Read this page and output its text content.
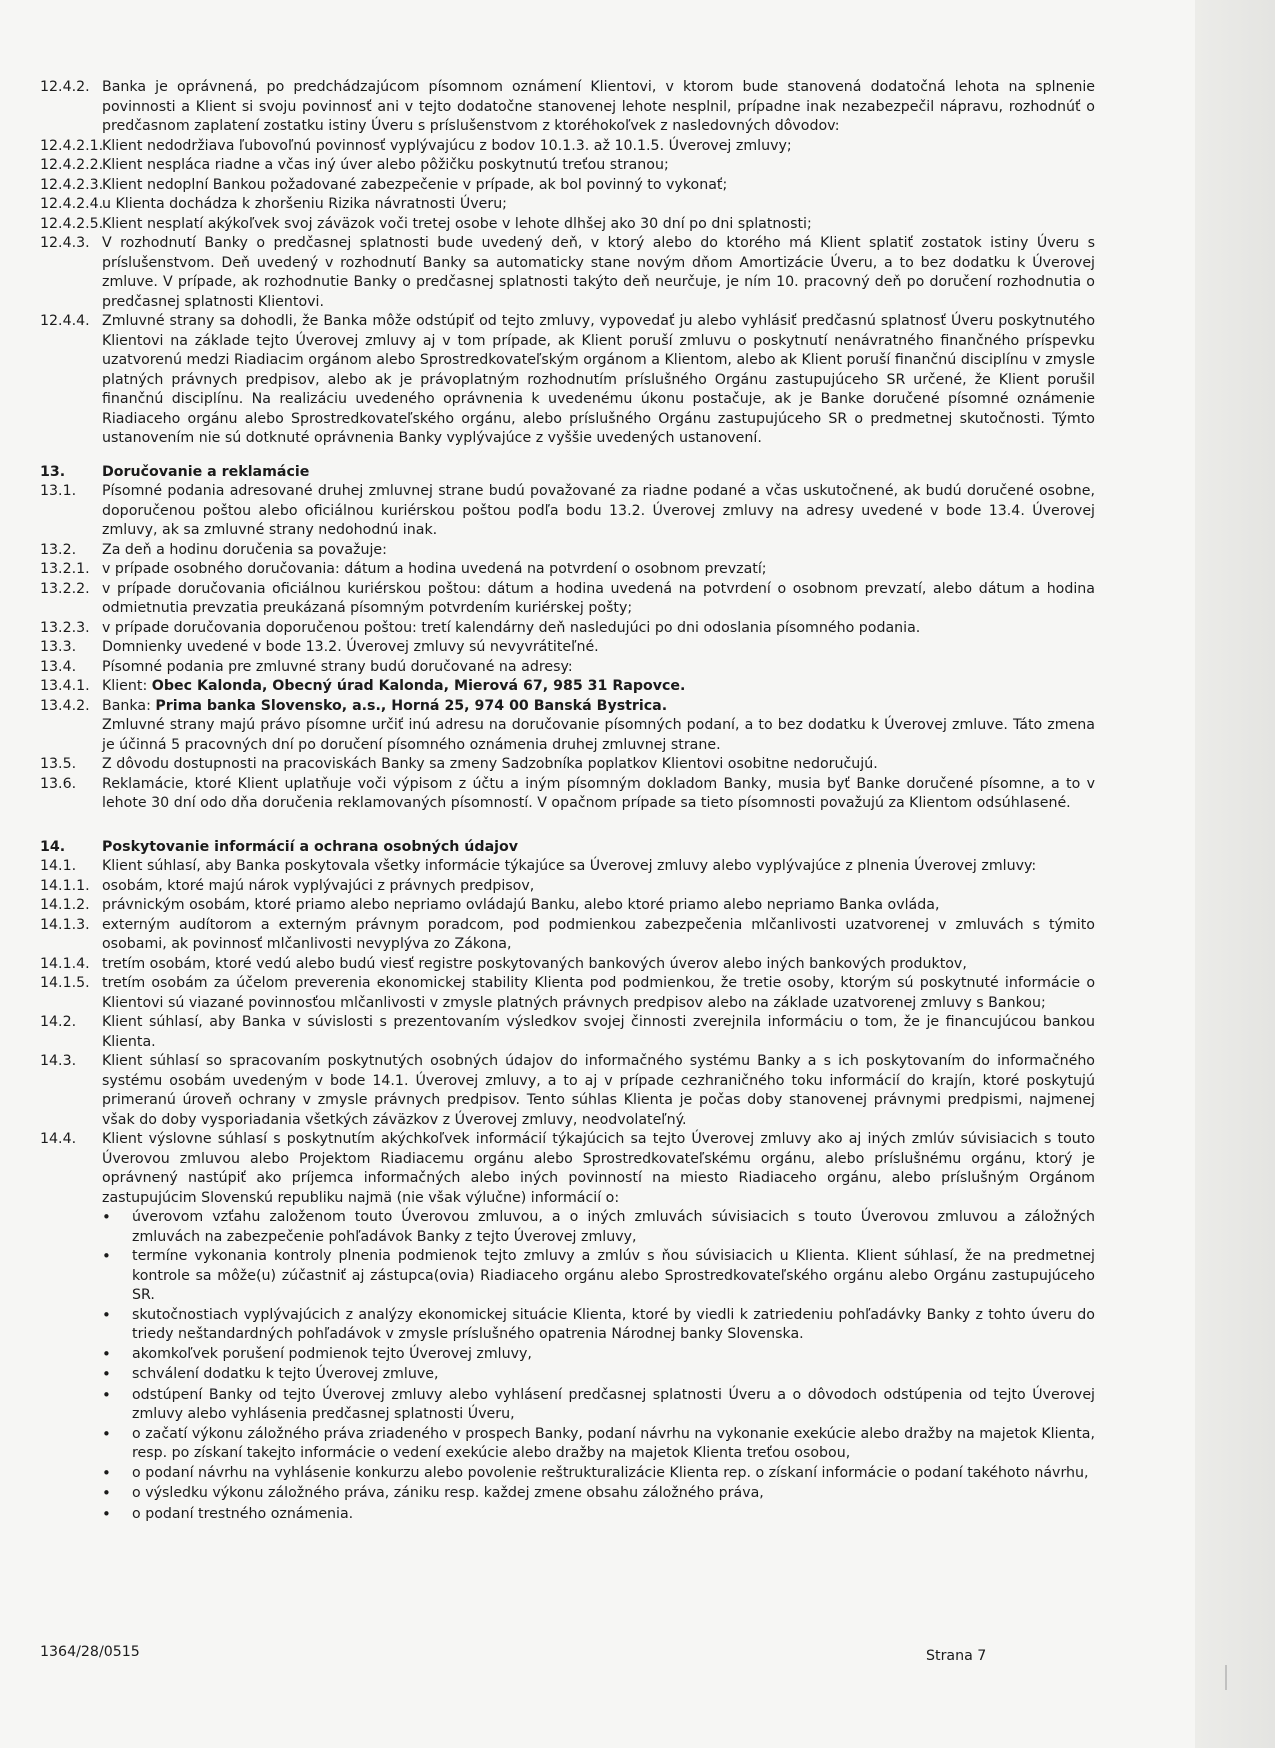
12.4.2. Banka je oprávnená, po predchádzajúcom písomnom oznámení Klientovi, v ktorom bude stanovená dodatočná lehota na splnenie povinnosti a Klient si svoju povinnosť ani v tejto dodatočne stanovenej lehote nesplnil, prípadne inak nezabezpečil nápravu, rozhodnúť o predčasnom zaplatení zostatku istiny Úveru s príslušenstvom z ktoréhokoľvek z nasledovných dôvodov:
12.4.2.1.
Klient nedodržiava ľubovoľnú povinnosť vyplývajúcu z bodov 10.1.3. až 10.1.5. Úverovej zmluvy;
12.4.2.2.
Klient nespláca riadne a včas iný úver alebo pôžičku poskytnutú treťou stranou;
12.4.2.3.
Klient nedoplní Bankou požadované zabezpečenie v prípade, ak bol povinný to vykonať;
12.4.2.4.
u Klienta dochádza k zhoršeniu Rizika návratnosti Úveru;
12.4.2.5.
Klient nesplatí akýkoľvek svoj záväzok voči tretej osobe v lehote dlhšej ako 30 dní po dni splatnosti;
12.4.3. V rozhodnutí Banky o predčasnej splatnosti bude uvedený deň, v ktorý alebo do ktorého má Klient splatiť zostatok istiny Úveru s príslušenstvom. Deň uvedený v rozhodnutí Banky sa automaticky stane novým dňom Amortizácie Úveru, a to bez dodatku k Úverovej zmluve. V prípade, ak rozhodnutie Banky o predčasnej splatnosti takýto deň neurčuje, je ním 10. pracovný deň po doručení rozhodnutia o predčasnej splatnosti Klientovi.
12.4.4. Zmluvné strany sa dohodli, že Banka môže odstúpiť od tejto zmluvy, vypovedať ju alebo vyhlásiť predčasnú splatnosť Úveru poskytnutého Klientovi na základe tejto Úverovej zmluvy aj v tom prípade, ak Klient poruší zmluvu o poskytnutí nenávratného finančného príspevku uzatvorenú medzi Riadiacim orgánom alebo Sprostredkovateľským orgánom a Klientom, alebo ak Klient poruší finančnú disciplínu v zmysle platných právnych predpisov, alebo ak je právoplatným rozhodnutím príslušného Orgánu zastupujúceho SR určené, že Klient porušil finančnú disciplínu. Na realizáciu uvedeného oprávnenia k uvedenému úkonu postačuje, ak je Banke doručené písomné oznámenie Riadiaceho orgánu alebo Sprostredkovateľského orgánu, alebo príslušného Orgánu zastupujúceho SR o predmetnej skutočnosti. Týmto ustanovením nie sú dotknuté oprávnenia Banky vyplývajúce z vyššie uvedených ustanovení.
13.	Doručovanie a reklamácie
13.1.	Písomné podania adresované druhej zmluvnej strane budú považované za riadne podané a včas uskutočnené, ak budú doručené osobne, doporučenou poštou alebo oficiálnou kuriérskou poštou podľa bodu 13.2. Úverovej zmluvy na adresy uvedené v bode 13.4. Úverovej zmluvy, ak sa zmluvné strany nedohodnú inak.
13.2.	Za deň a hodinu doručenia sa považuje:
13.2.1. v prípade osobného doručovania: dátum a hodina uvedená na potvrdení o osobnom prevzatí;
13.2.2. v prípade doručovania oficiálnou kuriérskou poštou: dátum a hodina uvedená na potvrdení o osobnom prevzatí, alebo dátum a hodina odmietnutia prevzatia preukázaná písomným potvrdením kuriérskej pošty;
13.2.3. v prípade doručovania doporučenou poštou: tretí kalendárny deň nasledujúci po dni odoslania písomného podania.
13.3.	Domnienky uvedené v bode 13.2. Úverovej zmluvy sú nevyvrátiteľné.
13.4.	Písomné podania pre zmluvné strany budú doručované na adresy:
13.4.1. Klient: Obec Kalonda, Obecný úrad Kalonda, Mierová 67, 985 31 Rapovce.
13.4.2. Banka: Prima banka Slovensko, a.s., Horná 25, 974 00 Banská Bystrica.
Zmluvné strany majú právo písomne určiť inú adresu na doručovanie písomných podaní, a to bez dodatku k Úverovej zmluve. Táto zmena je účinná 5 pracovných dní po doručení písomného oznámenia druhej zmluvnej strane.
13.5.	Z dôvodu dostupnosti na pracoviskách Banky sa zmeny Sadzobníka poplatkov Klientovi osobitne nedoručujú.
13.6.	Reklamácie, ktoré Klient uplatňuje voči výpisom z účtu a iným písomným dokladom Banky, musia byť Banke doručené písomne, a to v lehote 30 dní odo dňa doručenia reklamovaných písomností. V opačnom prípade sa tieto písomnosti považujú za Klientom odsúhlasené.
14.	Poskytovanie informácií a ochrana osobných údajov
14.1.	Klient súhlasí, aby Banka poskytovala všetky informácie týkajúce sa Úverovej zmluvy alebo vyplývajúce z plnenia Úverovej zmluvy:
14.1.1. osobám, ktoré majú nárok vyplývajúci z právnych predpisov,
14.1.2. právnickým osobám, ktoré priamo alebo nepriamo ovládajú Banku, alebo ktoré priamo alebo nepriamo Banka ovláda,
14.1.3. externým audítorom a externým právnym poradcom, pod podmienkou zabezpečenia mlčanlivosti uzatvorenej v zmluvách s týmito osobami, ak povinnosť mlčanlivosti nevyplýva zo Zákona,
14.1.4. tretím osobám, ktoré vedú alebo budú viesť registre poskytovaných bankových úverov alebo iných bankových produktov,
14.1.5. tretím osobám za účelom preverenia ekonomickej stability Klienta pod podmienkou, že tretie osoby, ktorým sú poskytnuté informácie o Klientovi sú viazané povinnosťou mlčanlivosti v zmysle platných právnych predpisov alebo na základe uzatvorenej zmluvy s Bankou;
14.2.	Klient súhlasí, aby Banka v súvislosti s prezentovaním výsledkov svojej činnosti zverejnila informáciu o tom, že je financujúcou bankou Klienta.
14.3.	Klient súhlasí so spracovaním poskytnutých osobných údajov do informačného systému Banky a s ich poskytovaním do informačného systému osobám uvedeným v bode 14.1. Úverovej zmluvy, a to aj v prípade cezhraničného toku informácií do krajín, ktoré poskytujú primeranú úroveň ochrany v zmysle právnych predpisov. Tento súhlas Klienta je počas doby stanovenej právnymi predpismi, najmenej však do doby vysporiadania všetkých záväzkov z Úverovej zmluvy, neodvolateľný.
14.4.	Klient výslovne súhlasí s poskytnutím akýchkoľvek informácií týkajúcich sa tejto Úverovej zmluvy ako aj iných zmlúv súvisiacich s touto Úverovou zmluvou alebo Projektom Riadiacemu orgánu alebo Sprostredkovateľskému orgánu, alebo príslušnému orgánu, ktorý je oprávnený nastúpiť ako príjemca informačných alebo iných povinností na miesto Riadiaceho orgánu, alebo príslušným Orgánom zastupujúcim Slovenskú republiku najmä (nie však výlučne) informácií o:
•
úverovom vzťahu založenom touto Úverovou zmluvou, a o iných zmluvách súvisiacich s touto Úverovou zmluvou a záložných zmluvách na zabezpečenie pohľadávok Banky z tejto Úverovej zmluvy,
•
termíne vykonania kontroly plnenia podmienok tejto zmluvy a zmlúv s ňou súvisiacich u Klienta. Klient súhlasí, že na predmetnej kontrole sa môže(u) zúčastniť aj zástupca(ovia) Riadiaceho orgánu alebo Sprostredkovateľského orgánu alebo Orgánu zastupujúceho SR.
•
skutočnostiach vyplývajúcich z analýzy ekonomickej situácie Klienta, ktoré by viedli k zatriedeniu pohľadávky Banky z tohto úveru do triedy neštandardných pohľadávok v zmysle príslušného opatrenia Národnej banky Slovenska.
•
akomkoľvek porušení podmienok tejto Úverovej zmluvy,
•
schválení dodatku k tejto Úverovej zmluve,
•
odstúpení Banky od tejto Úverovej zmluvy alebo vyhlásení predčasnej splatnosti Úveru a o dôvodoch odstúpenia od tejto Úverovej zmluvy alebo vyhlásenia predčasnej splatnosti Úveru,
•
o začatí výkonu záložného práva zriadeného v prospech Banky, podaní návrhu na vykonanie exekúcie alebo dražby na majetok Klienta, resp. po získaní takejto informácie o vedení exekúcie alebo dražby na majetok Klienta treťou osobou,
•
o podaní návrhu na vyhlásenie konkurzu alebo povolenie reštrukturalizácie Klienta rep. o získaní informácie o podaní takéhoto návrhu,
•
o výsledku výkonu záložného práva, zániku resp. každej zmene obsahu záložného práva,
•
o podaní trestného oznámenia.
1364/28/0515	Strana 7
